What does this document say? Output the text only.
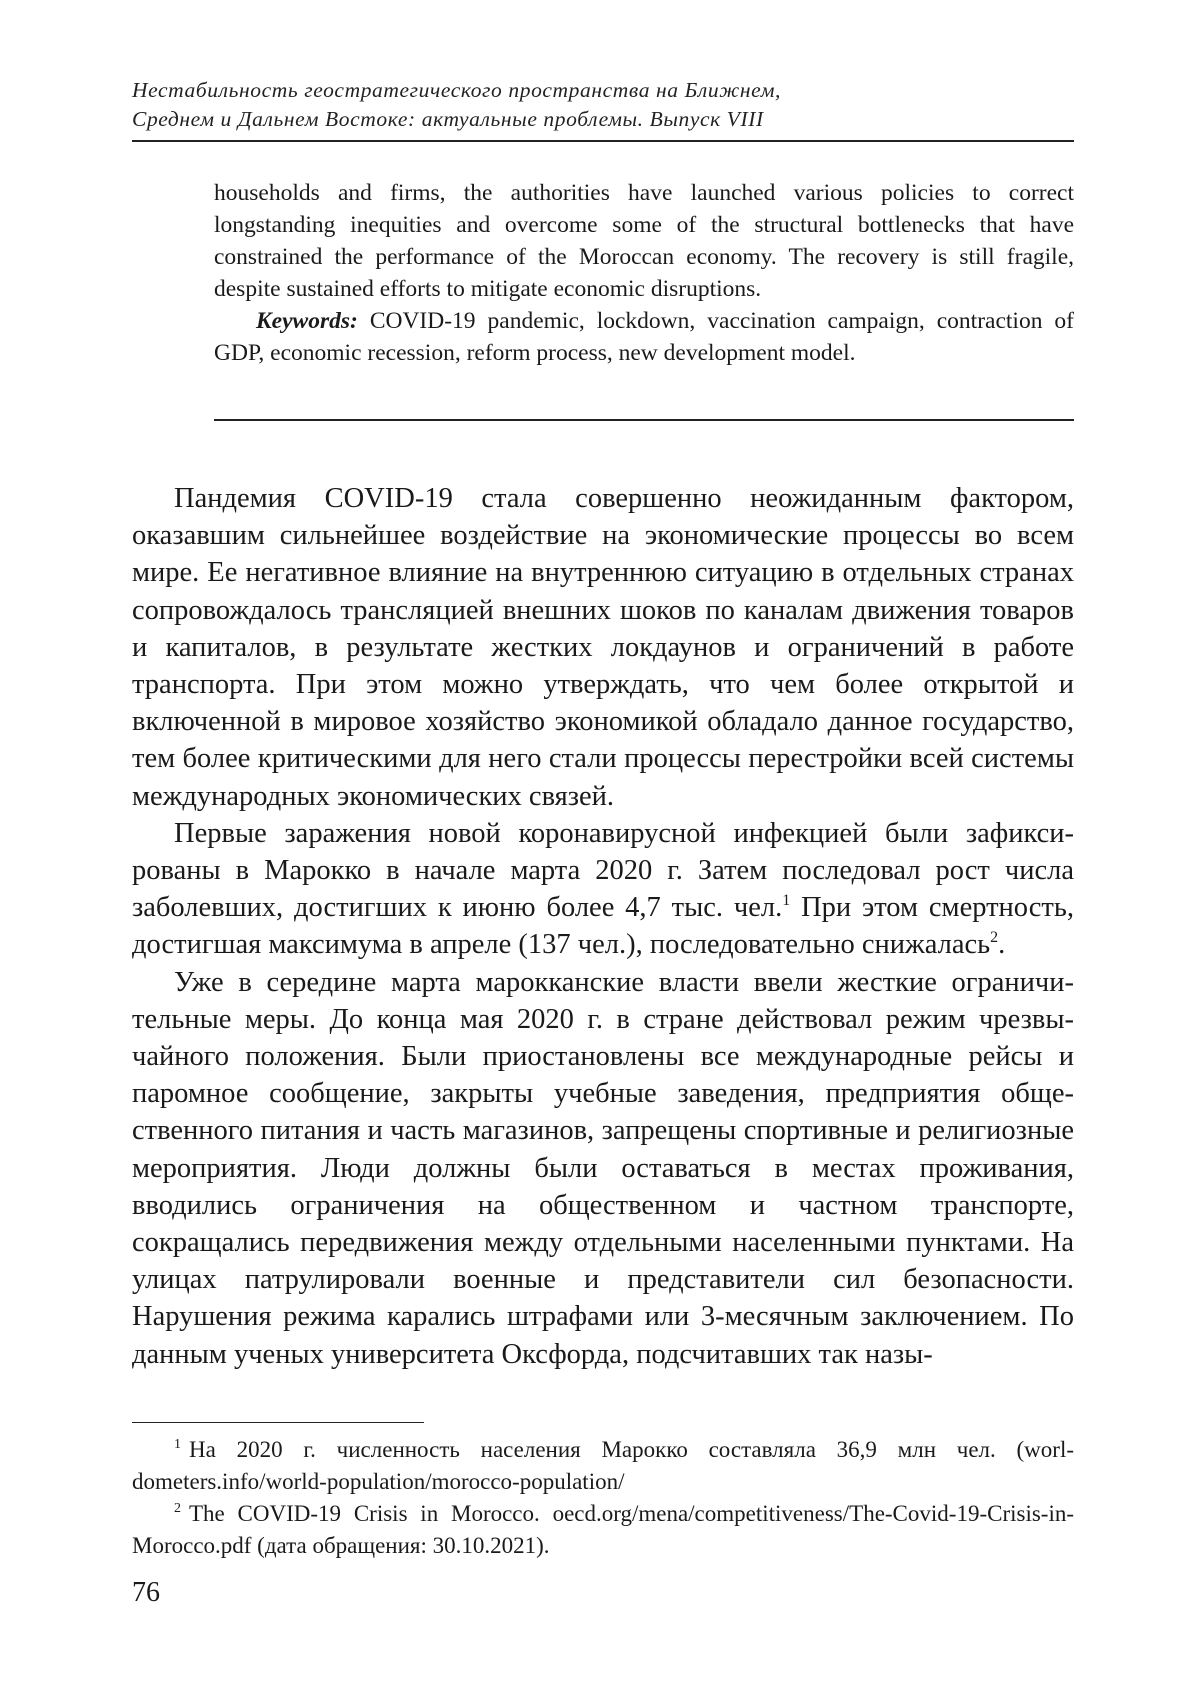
Нестабильность геостратегического пространства на Ближнем,
Среднем и Дальнем Востоке: актуальные проблемы. Выпуск VIII

households and firms, the authorities have launched various policies to correct longstanding inequities and overcome some of the structural bottlenecks that have constrained the performance of the Moroccan economy. The recovery is still fragile, despite sustained efforts to mitigate economic disruptions.

Keywords: COVID-19 pandemic, lockdown, vaccination campaign, contraction of GDP, economic recession, reform process, new development model.

Пандемия COVID-19 стала совершенно неожиданным фактором, оказавшим сильнейшее воздействие на экономические процессы во всем мире. Ее негативное влияние на внутреннюю ситуацию в отдельных странах сопровождалось трансляцией внешних шоков по каналам дви­жения товаров и капиталов, в результате жестких локдаунов и ограни­чений в работе транспорта. При этом можно утверждать, что чем более открытой и включенной в мировое хозяйство экономикой обладало данное государство, тем более критическими для него стали процессы перестройки всей системы международных экономических связей.

Первые заражения новой коронавирусной инфекцией были зафикси­рованы в Марокко в начале марта 2020 г. Затем последовал рост числа заболевших, достигших к июню более 4,7 тыс. чел.1 При этом смерт­ность, достигшая максимума в апреле (137 чел.), последовательно сни­жалась2.

Уже в середине марта марокканские власти ввели жесткие ограничи­тельные меры. До конца мая 2020 г. в стране действовал режим чрезвы­чайного положения. Были приостановлены все международные рейсы и паромное сообщение, закрыты учебные заведения, предприятия обще­ственного питания и часть магазинов, запрещены спортивные и религи­озные мероприятия. Люди должны были оставаться в местах прожи­вания, вводились ограничения на общественном и частном транспорте, сокращались передвижения между отдельными населенными пунктами. На улицах патрулировали военные и представители сил безопасности. Нарушения режима карались штрафами или 3-месячным заключением. По данным ученых университета Оксфорда, подсчитавших так назы-

1 На 2020 г. численность населения Марокко составляла 36,9 млн чел. (worl­dometers.info/world-population/morocco-population/

2 The COVID-19 Crisis in Morocco. oecd.org/mena/competitiveness/The-Covid-19-Crisis-in-Morocco.pdf (дата обращения: 30.10.2021).

76
